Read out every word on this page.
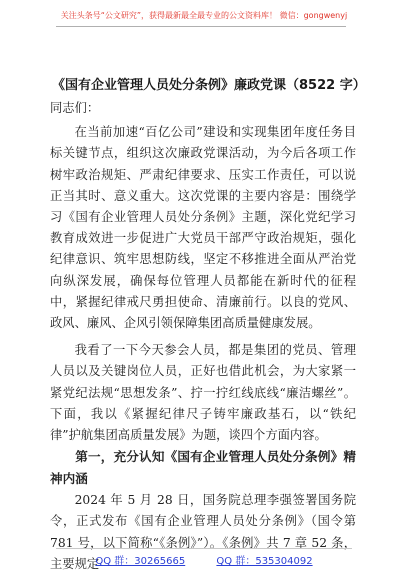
关注头条号“公文研究”，获得最新最全最专业的公文资料库！ 微信：gongwenyj
《国有企业管理人员处分条例》廉政党课（8522 字）

同志们：

在当前加速“百亿公司”建设和实现集团年度任务目标关键节点，组织这次廉政党课活动，为今后各项工作树牢政治规矩、严肃纪律要求、压实工作责任，可以说正当其时、意义重大。这次党课的主要内容是：围绕学习《国有企业管理人员处分条例》主题，深化党纪学习教育成效进一步促进广大党员干部严守政治规矩，强化纪律意识、筑牢思想防线，坚定不移推进全面从严治党向纵深发展，确保每位管理人员都能在新时代的征程中，紧握纪律戒尺勇担使命、清廉前行。以良的党风、政风、廉风、企风引领保障集团高质量健康发展。

我看了一下今天参会人员，都是集团的党员、管理人员以及关键岗位人员，正好也借此机会，为大家紧一紧党纪法规“思想发条”、拧一拧红线底线“廉洁螺丝”。下面，我以《紧握纪律尺子铸牢廉政基石，以“铁纪律”护航集团高质量发展》为题，谈四个方面内容。

第一，充分认知《国有企业管理人员处分条例》精神内涵

2024 年 5 月 28 日，国务院总理李强签署国务院令，正式发布《国有企业管理人员处分条例》（国令第 781 号，以下简称“《条例》”）。《条例》共 7 章 52 条，主要规定

QQ 群：30265665	QQ 群：535304092
